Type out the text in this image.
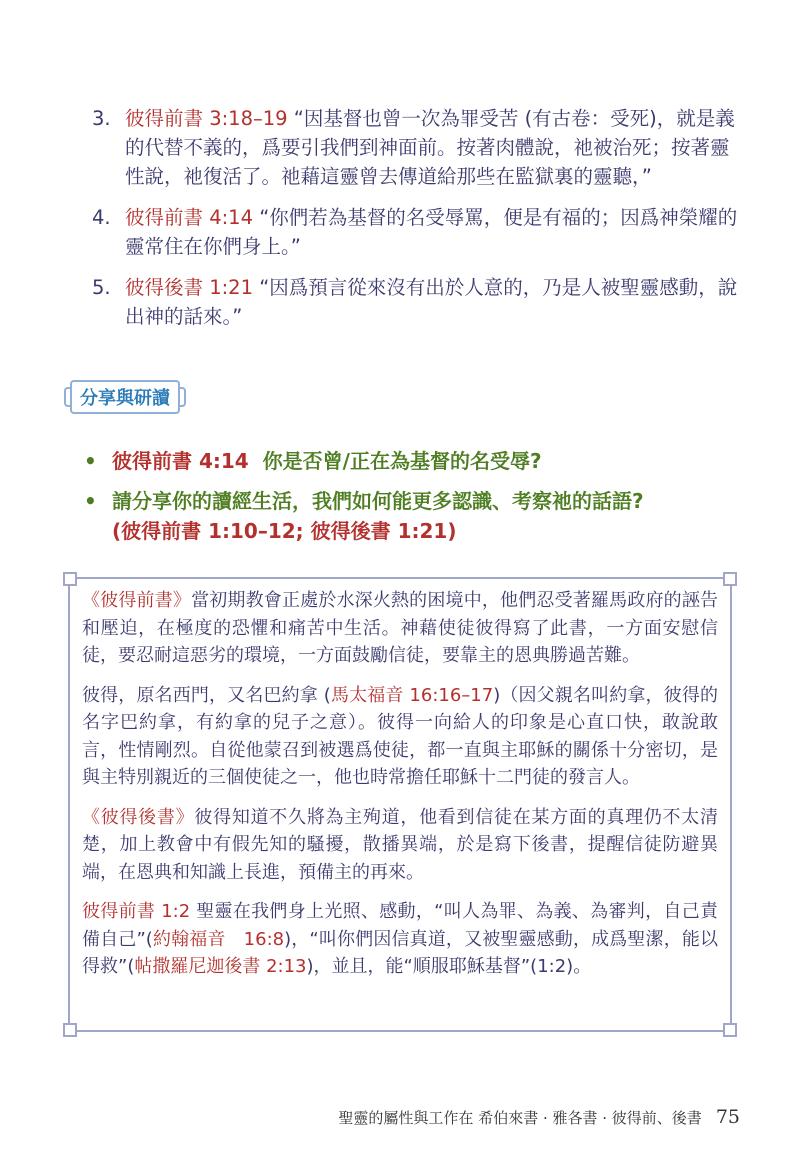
3. 彼得前書 3:18–19 “因基督也曾一次為罪受苦 (有古卷：受死)，就是義的代替不義的，爲要引我們到神面前。按著肉體說，祂被治死；按著靈性說，祂復活了。祂藉這靈曾去傳道給那些在監獄裏的靈聽，”
4. 彼得前書 4:14 “你們若為基督的名受辱罵，便是有福的；因爲神榮耀的靈常住在你們身上。”
5. 彼得後書 1:21 “因爲預言從來沒有出於人意的，乃是人被聖靈感動，說出神的話來。”
分享與研讀
• 彼得前書 4:14 你是否曾/正在為基督的名受辱?
• 請分享你的讀經生活，我們如何能更多認識、考察祂的話語?
(彼得前書 1:10–12; 彼得後書 1:21)

《彼得前書》當初期教會正處於水深火熱的困境中，他們忍受著羅馬政府的誣告和壓迫，在極度的恐懼和痛苦中生活。神藉使徒彼得寫了此書，一方面安慰信徒，要忍耐這惡劣的環境，一方面鼓勵信徒，要靠主的恩典勝過苦難。

彼得，原名西門，又名巴約拿 (馬太福音 16:16–17)（因父親名叫約拿，彼得的名字巴約拿，有約拿的兒子之意）。彼得一向給人的印象是心直口快，敢說敢言，性情剛烈。自從他蒙召到被選爲使徒，都一直與主耶穌的關係十分密切，是與主特別親近的三個使徒之一，他也時常擔任耶穌十二門徒的發言人。

《彼得後書》彼得知道不久將為主殉道，他看到信徒在某方面的真理仍不太清楚，加上教會中有假先知的騷擾，散播異端，於是寫下後書，提醒信徒防避異端，在恩典和知識上長進，預備主的再來。

彼得前書 1:2 聖靈在我們身上光照、感動，“叫人為罪、為義、為審判，自己責備自己”(約翰福音　16:8)，“叫你們因信真道，又被聖靈感動，成爲聖潔，能以得救”(帖撒羅尼迦後書 2:13)，並且，能“順服耶穌基督”(1:2)。

聖靈的屬性與工作在 希伯來書 · 雅各書 · 彼得前、後書 75
